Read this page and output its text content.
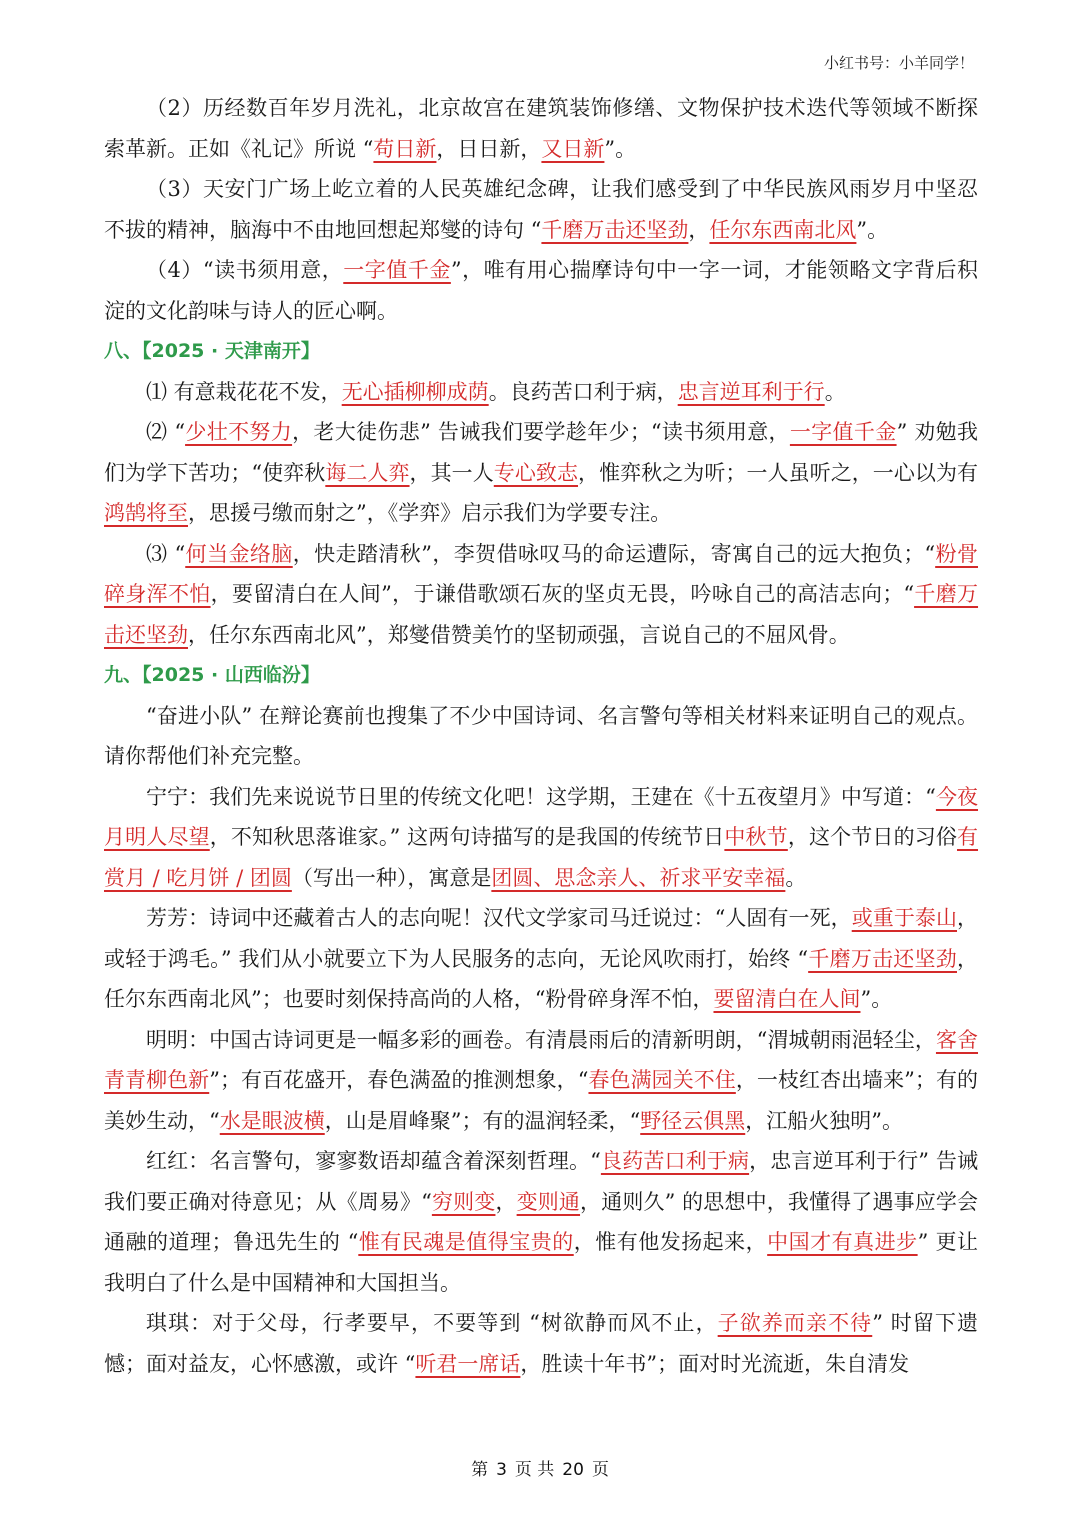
小红书号：小羊同学！

（2）历经数百年岁月洗礼，北京故宫在建筑装饰修缮、文物保护技术迭代等领域不断探索革新。正如《礼记》所说 “苟日新，日日新，又日新”。

（3）天安门广场上屹立着的人民英雄纪念碑，让我们感受到了中华民族风雨岁月中坚忍不拔的精神，脑海中不由地回想起郑燮的诗句 “千磨万击还坚劲，任尔东西南北风”。

（4）“读书须用意，一字值千金”，唯有用心揣摩诗句中一字一词，才能领略文字背后积淀的文化韵味与诗人的匠心啊。

八、【2025 · 天津南开】

⑴ 有意栽花花不发，无心插柳柳成荫。良药苦口利于病，忠言逆耳利于行。

⑵ “少壮不努力，老大徒伤悲” 告诫我们要学趁年少；“读书须用意，一字值千金” 劝勉我们为学下苦功；“使弈秋诲二人弈，其一人专心致志，惟弈秋之为听；一人虽听之，一心以为有鸿鹄将至，思援弓缴而射之”，《学弈》启示我们为学要专注。

⑶ “何当金络脑，快走踏清秋”，李贺借咏叹马的命运遭际，寄寓自己的远大抱负；“粉骨碎身浑不怕，要留清白在人间”，于谦借歌颂石灰的坚贞无畏，吟咏自己的高洁志向；“千磨万击还坚劲，任尔东西南北风”，郑燮借赞美竹的坚韧顽强，言说自己的不屈风骨。

九、【2025 · 山西临汾】

“奋进小队” 在辩论赛前也搜集了不少中国诗词、名言警句等相关材料来证明自己的观点。请你帮他们补充完整。

宁宁：我们先来说说节日里的传统文化吧！这学期，王建在《十五夜望月》中写道：“今夜月明人尽望，不知秋思落谁家。” 这两句诗描写的是我国的传统节日中秋节，这个节日的习俗有赏月 / 吃月饼 / 团圆（写出一种），寓意是团圆、思念亲人、祈求平安幸福。

芳芳：诗词中还藏着古人的志向呢！汉代文学家司马迁说过：“人固有一死，或重于泰山，或轻于鸿毛。” 我们从小就要立下为人民服务的志向，无论风吹雨打，始终 “千磨万击还坚劲，任尔东西南北风”；也要时刻保持高尚的人格，“粉骨碎身浑不怕，要留清白在人间”。

明明：中国古诗词更是一幅多彩的画卷。有清晨雨后的清新明朗，“渭城朝雨浥轻尘，客舍青青柳色新”；有百花盛开，春色满盈的推测想象，“春色满园关不住，一枝红杏出墙来”；有的美妙生动，“水是眼波横，山是眉峰聚”；有的温润轻柔，“野径云俱黑，江船火独明”。

红红：名言警句，寥寥数语却蕴含着深刻哲理。“良药苦口利于病，忠言逆耳利于行” 告诫我们要正确对待意见；从《周易》“穷则变，变则通，通则久” 的思想中，我懂得了遇事应学会通融的道理；鲁迅先生的 “惟有民魂是值得宝贵的，惟有他发扬起来，中国才有真进步” 更让我明白了什么是中国精神和大国担当。

琪琪：对于父母，行孝要早，不要等到 “树欲静而风不止，子欲养而亲不待” 时留下遗憾；面对益友，心怀感激，或许 “听君一席话，胜读十年书”；面对时光流逝，朱自清发

第 3 页 共 20 页
